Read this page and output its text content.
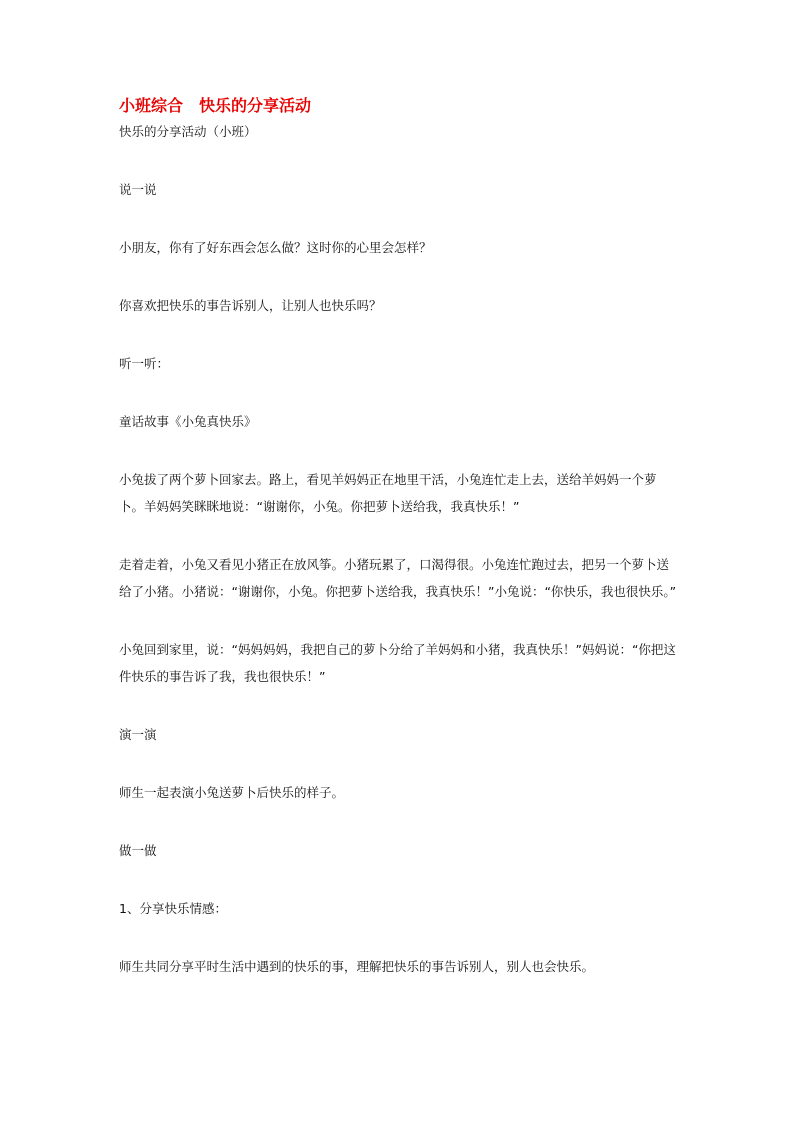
小班综合　快乐的分享活动

快乐的分享活动（小班）

说一说

小朋友，你有了好东西会怎么做？这时你的心里会怎样？

你喜欢把快乐的事告诉别人，让别人也快乐吗？

听一听：

童话故事《小兔真快乐》

小兔拔了两个萝卜回家去。路上，看见羊妈妈正在地里干活，小兔连忙走上去，送给羊妈妈一个萝卜。羊妈妈笑眯眯地说：“谢谢你，小兔。你把萝卜送给我，我真快乐！”

走着走着，小兔又看见小猪正在放风筝。小猪玩累了，口渴得很。小兔连忙跑过去，把另一个萝卜送给了小猪。小猪说：“谢谢你，小兔。你把萝卜送给我，我真快乐！”小兔说：“你快乐，我也很快乐。”

小兔回到家里，说：“妈妈妈妈，我把自己的萝卜分给了羊妈妈和小猪，我真快乐！”妈妈说：“你把这件快乐的事告诉了我，我也很快乐！”

演一演

师生一起表演小兔送萝卜后快乐的样子。

做一做

1、分享快乐情感：

师生共同分享平时生活中遇到的快乐的事，理解把快乐的事告诉别人，别人也会快乐。
